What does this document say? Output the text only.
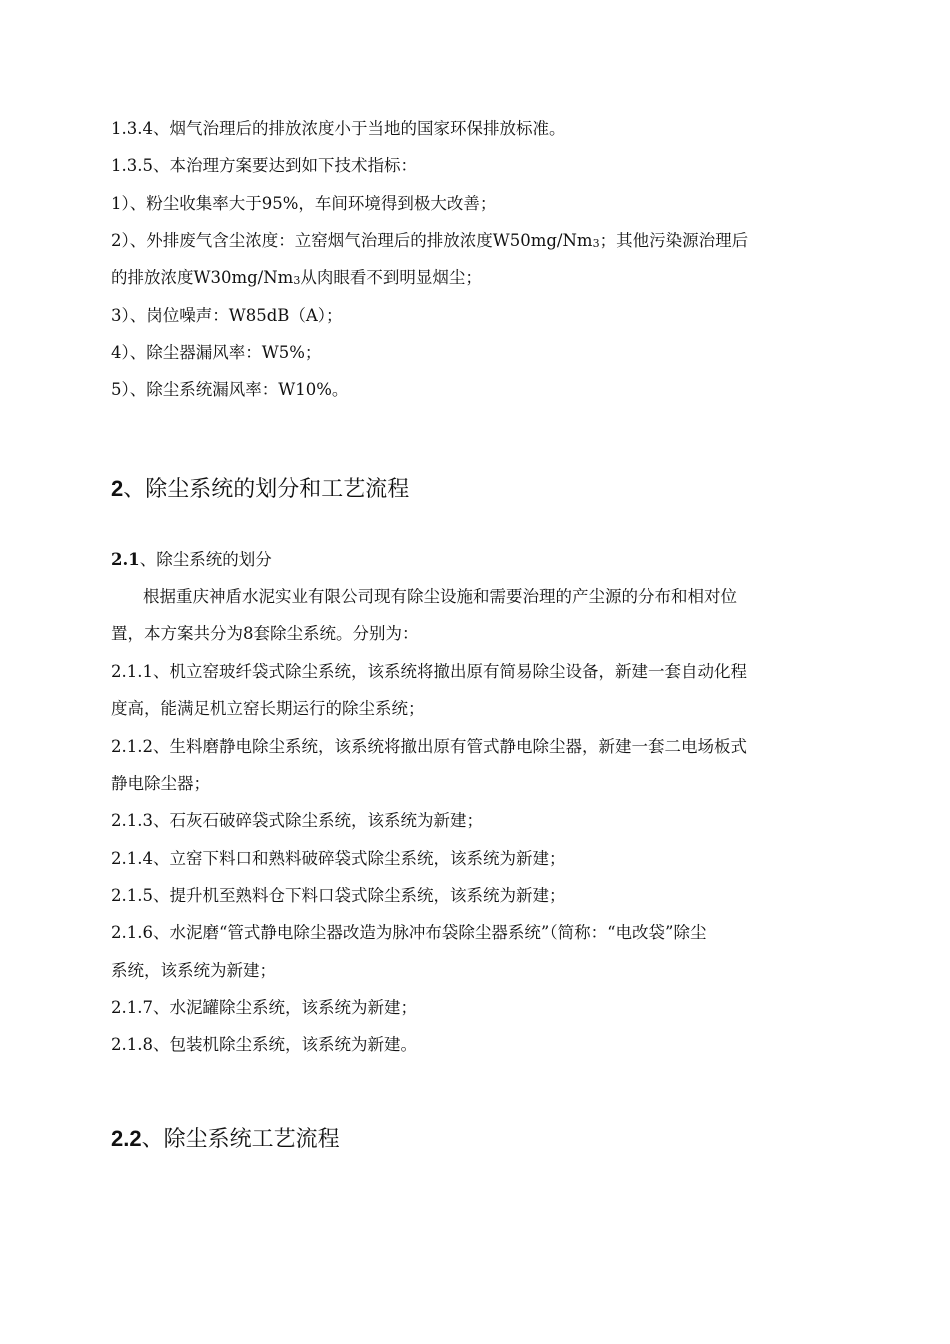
1.3.4、烟气治理后的排放浓度小于当地的国家环保排放标准。
1.3.5、本治理方案要达到如下技术指标：
1）、粉尘收集率大于95%，车间环境得到极大改善；
2）、外排废气含尘浓度：立窑烟气治理后的排放浓度$W50mg/Nm_3$；其他污染源治理后
的排放浓度$W30mg/Nm_3$从肉眼看不到明显烟尘；
3）、岗位噪声：W85dB（A）；
4）、除尘器漏风率：W5%；
5）、除尘系统漏风率：W10%。
2、除尘系统的划分和工艺流程
2.1、除尘系统的划分
根据重庆神盾水泥实业有限公司现有除尘设施和需要治理的产尘源的分布和相对位
置，本方案共分为8套除尘系统。分别为：
2.1.1、机立窑玻纤袋式除尘系统，该系统将撤出原有简易除尘设备，新建一套自动化程
度高，能满足机立窑长期运行的除尘系统；
2.1.2、生料磨静电除尘系统，该系统将撤出原有管式静电除尘器，新建一套二电场板式
静电除尘器；
2.1.3、石灰石破碎袋式除尘系统，该系统为新建；
2.1.4、立窑下料口和熟料破碎袋式除尘系统，该系统为新建；
2.1.5、提升机至熟料仓下料口袋式除尘系统，该系统为新建；
2.1.6、水泥磨“管式静电除尘器改造为脉冲布袋除尘器系统”（简称：“电改袋”除尘
系统，该系统为新建；
2.1.7、水泥罐除尘系统，该系统为新建；
2.1.8、包装机除尘系统，该系统为新建。
2.2、除尘系统工艺流程
